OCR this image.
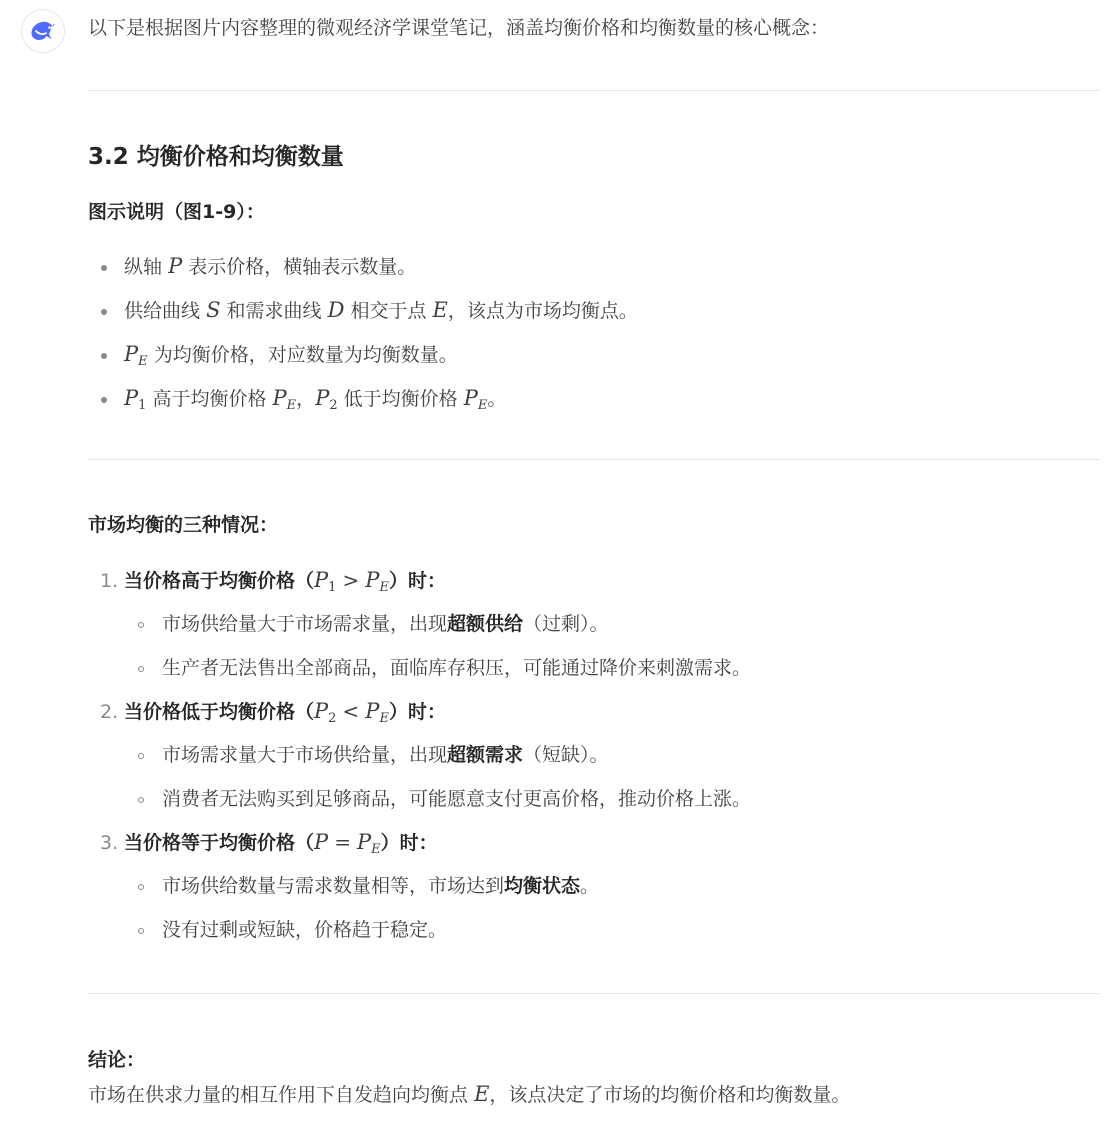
以下是根据图片内容整理的微观经济学课堂笔记，涵盖均衡价格和均衡数量的核心概念：
3.2 均衡价格和均衡数量
图示说明（图1-9）：
纵轴 P 表示价格，横轴表示数量。
供给曲线 S 和需求曲线 D 相交于点 E，该点为市场均衡点。
$P_E$ 为均衡价格，对应数量为均衡数量。
$P_1$ 高于均衡价格 $P_E$，$P_2$ 低于均衡价格 $P_E$。
市场均衡的三种情况：
1. 当价格高于均衡价格$(P_1 > P_E)$时：
市场供给量大于市场需求量，出现超额供给（过剩）。
生产者无法售出全部商品，面临库存积压，可能通过降价来刺激需求。
2. 当价格低于均衡价格$(P_2 < P_E)$时：
市场需求量大于市场供给量，出现超额需求（短缺）。
消费者无法购买到足够商品，可能愿意支付更高价格，推动价格上涨。
3. 当价格等于均衡价格$(P = P_E)$时：
市场供给数量与需求数量相等，市场达到均衡状态。
没有过剩或短缺，价格趋于稳定。
结论：
市场在供求力量的相互作用下自发趋向均衡点 E，该点决定了市场的均衡价格和均衡数量。
